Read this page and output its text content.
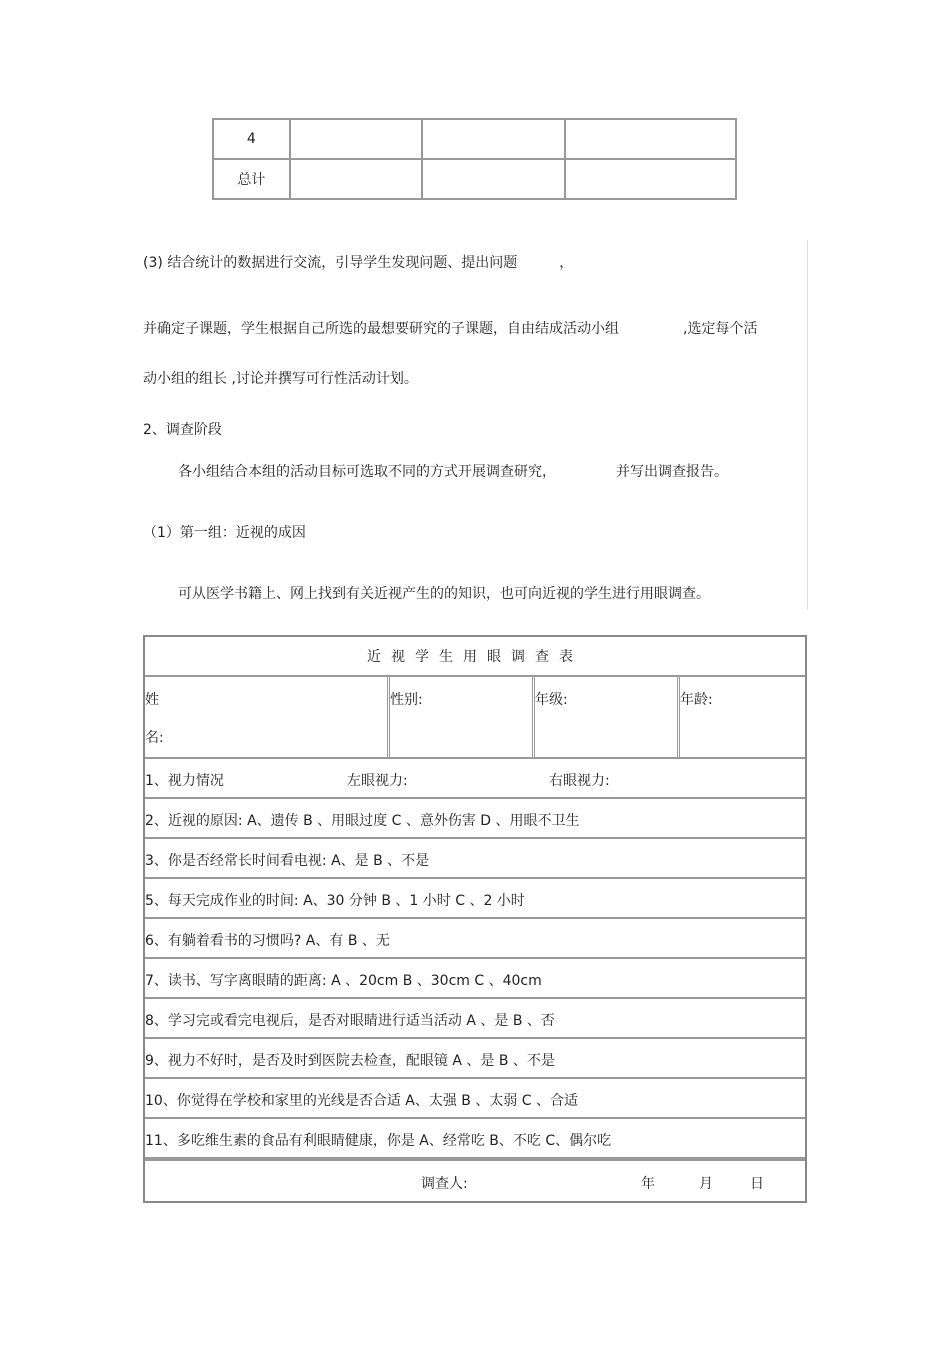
4			
总计			
(3) 结合统计的数据进行交流，引导学生发现问题、提出问题	，
并确定子课题，学生根据自己所选的最想要研究的子课题，自由结成活动小组	,选定每个活
动小组的组长 ,讨论并撰写可行性活动计划。
2、调查阶段
各小组结合本组的活动目标可选取不同的方式开展调查研究，	并写出调查报告。
（1）第一组：近视的成因
可从医学书籍上、网上找到有关近视产生的的知识，也可向近视的学生进行用眼调查。
近视学生用眼调查表
姓
名:
性别:	年级:	年龄:
1、视力情况	左眼视力:	右眼视力:
2、近视的原因: A、遗传 B 、用眼过度 C 、意外伤害 D 、用眼不卫生
3、你是否经常长时间看电视: A、是 B 、不是
5、每天完成作业的时间: A、30 分钟 B 、1 小时 C 、2 小时
6、有躺着看书的习惯吗? A、有 B 、无
7、读书、写字离眼睛的距离: A 、20cm B 、30cm C 、40cm
8、学习完或看完电视后，是否对眼睛进行适当活动 A 、是 B 、否
9、视力不好时，是否及时到医院去检查，配眼镜 A 、是 B 、不是
10、你觉得在学校和家里的光线是否合适 A、太强 B 、太弱 C 、合适
11、多吃维生素的食品有利眼睛健康，你是 A、经常吃 B、不吃 C、偶尔吃
调查人:	年	月	日
